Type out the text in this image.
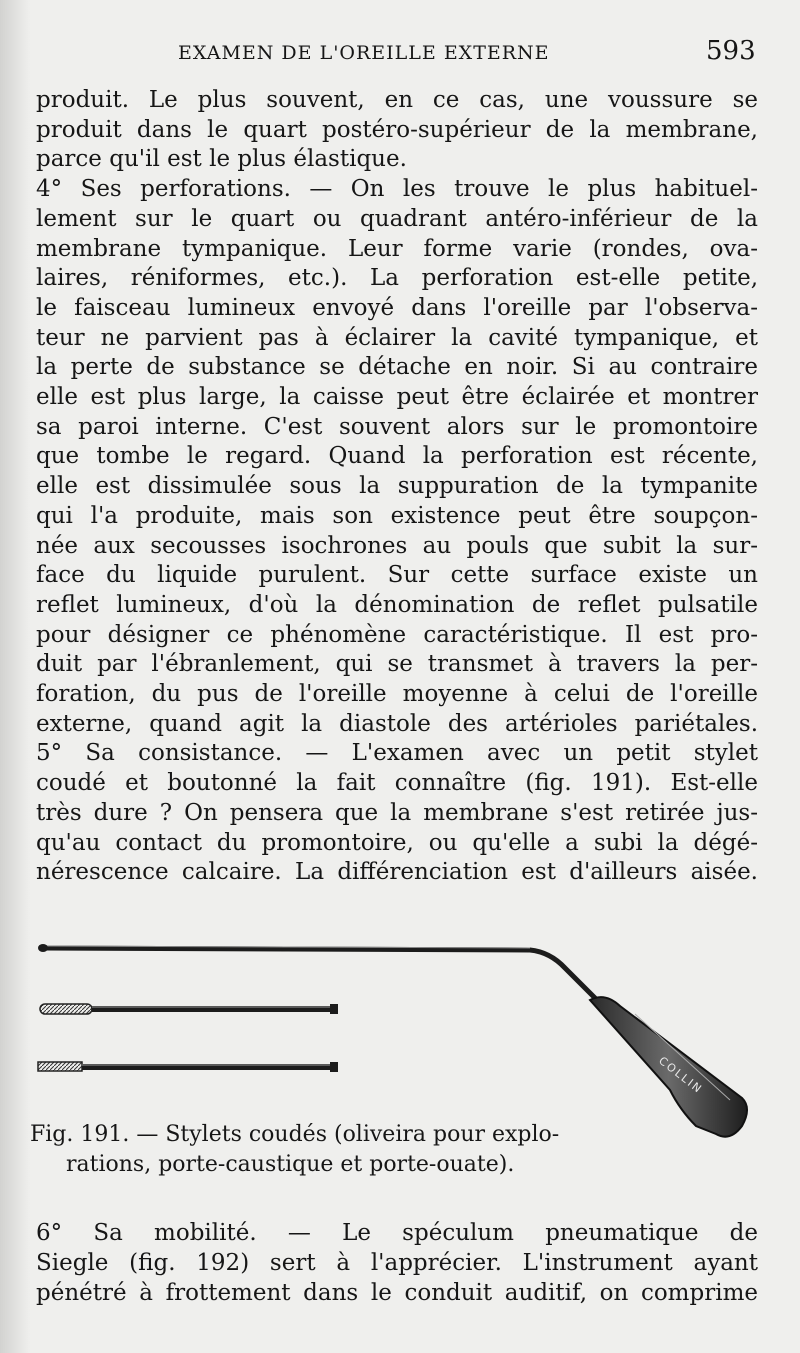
EXAMEN DE L'OREILLE EXTERNE	593
produit. Le plus souvent, en ce cas, une voussure se
produit dans le quart postéro-supérieur de la membrane,
parce qu'il est le plus élastique.
4° Ses perforations. — On les trouve le plus habituel-
lement sur le quart ou quadrant antéro-inférieur de la
membrane tympanique. Leur forme varie (rondes, ova-
laires, réniformes, etc.). La perforation est-elle petite,
le faisceau lumineux envoyé dans l'oreille par l'observa-
teur ne parvient pas à éclairer la cavité tympanique, et
la perte de substance se détache en noir. Si au contraire
elle est plus large, la caisse peut être éclairée et montrer
sa paroi interne. C'est souvent alors sur le promontoire
que tombe le regard. Quand la perforation est récente,
elle est dissimulée sous la suppuration de la tympanite
qui l'a produite, mais son existence peut être soupçon-
née aux secousses isochrones au pouls que subit la sur-
face du liquide purulent. Sur cette surface existe un
reflet lumineux, d'où la dénomination de reflet pulsatile
pour désigner ce phénomène caractéristique. Il est pro-
duit par l'ébranlement, qui se transmet à travers la per-
foration, du pus de l'oreille moyenne à celui de l'oreille
externe, quand agit la diastole des artérioles pariétales.
5° Sa consistance. — L'examen avec un petit stylet
coudé et boutonné la fait connaître (fig. 191). Est-elle
très dure ? On pensera que la membrane s'est retirée jus-
qu'au contact du promontoire, ou qu'elle a subi la dégé-
nérescence calcaire. La différenciation est d'ailleurs aisée.
COLLIN
Fig. 191. — Stylets coudés (oliveira pour explo-
rations, porte-caustique et porte-ouate).
6° Sa mobilité. — Le spéculum pneumatique de
Siegle (fig. 192) sert à l'apprécier. L'instrument ayant
pénétré à frottement dans le conduit auditif, on comprime
